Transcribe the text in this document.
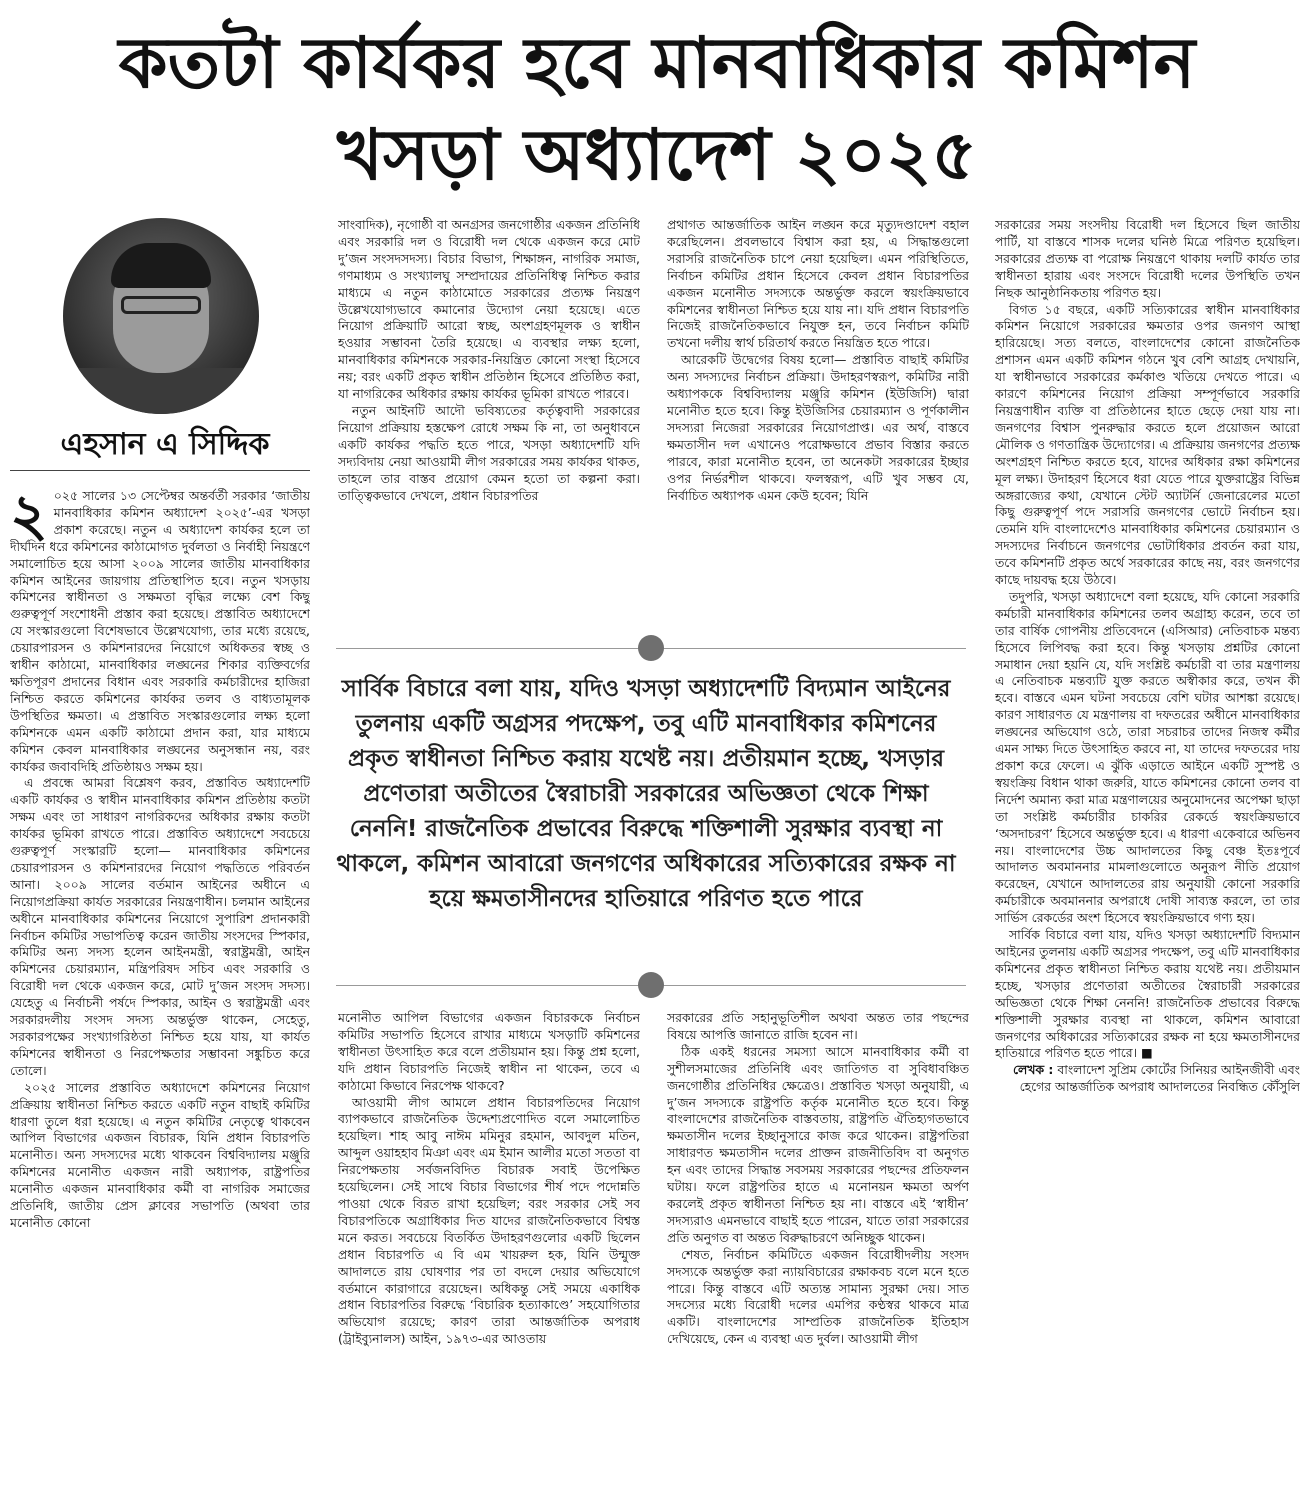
কতটা কার্যকর হবে মানবাধিকার কমিশন
খসড়া অধ্যাদেশ ২০২৫
এহসান এ সিদ্দিক

২ ০২৫ সালের ১৩ সেপ্টেম্বর অন্তর্বর্তী সরকার ‘জাতীয় মানবাধিকার কমিশন অধ্যাদেশ ২০২৫’-এর খসড়া প্রকাশ করেছে। নতুন এ অধ্যাদেশ কার্যকর হলে তা দীর্ঘদিন ধরে কমিশনের কাঠামোগত দুর্বলতা ও নির্বাহী নিয়ন্ত্রণে সমালোচিত হয়ে আসা ২০০৯ সালের জাতীয় মানবাধিকার কমিশন আইনের জায়গায় প্রতিস্থাপিত হবে। নতুন খসড়ায় কমিশনের স্বাধীনতা ও সক্ষমতা বৃদ্ধির লক্ষ্যে বেশ কিছু গুরুত্বপূর্ণ সংশোধনী প্রস্তাব করা হয়েছে। প্রস্তাবিত অধ্যাদেশে যে সংস্কারগুলো বিশেষভাবে উল্লেখযোগ্য, তার মধ্যে রয়েছে, চেয়ারপারসন ও কমিশনারদের নিয়োগে অধিকতর স্বচ্ছ ও স্বাধীন কাঠামো, মানবাধিকার লঙ্ঘনের শিকার ব্যক্তিবর্গের ক্ষতিপূরণ প্রদানের বিধান এবং সরকারি কর্মচারীদের হাজিরা নিশ্চিত করতে কমিশনের কার্যকর তলব ও বাধ্যতামূলক উপস্থিতির ক্ষমতা। এ প্রস্তাবিত সংস্কারগুলোর লক্ষ্য হলো কমিশনকে এমন একটি কাঠামো প্রদান করা, যার মাধ্যমে কমিশন কেবল মানবাধিকার লঙ্ঘনের অনুসন্ধান নয়, বরং কার্যকর জবাবদিহি প্রতিষ্ঠায়ও সক্ষম হয়।

এ প্রবন্ধে আমরা বিশ্লেষণ করব, প্রস্তাবিত অধ্যাদেশটি একটি কার্যকর ও স্বাধীন মানবাধিকার কমিশন প্রতিষ্ঠায় কতটা সক্ষম এবং তা সাধারণ নাগরিকদের অধিকার রক্ষায় কতটা কার্যকর ভূমিকা রাখতে পারে। প্রস্তাবিত অধ্যাদেশে সবচেয়ে গুরুত্বপূর্ণ সংস্কারটি হলো— মানবাধিকার কমিশনের চেয়ারপারসন ও কমিশনারদের নিয়োগ পদ্ধতিতে পরিবর্তন আনা। ২০০৯ সালের বর্তমান আইনের অধীনে এ নিয়োগপ্রক্রিয়া কার্যত সরকারের নিয়ন্ত্রণাধীন। চলমান আইনের অধীনে মানবাধিকার কমিশনের নিয়োগে সুপারিশ প্রদানকারী নির্বাচন কমিটির সভাপতিত্ব করেন জাতীয় সংসদের স্পিকার, কমিটির অন্য সদস্য হলেন আইনমন্ত্রী, স্বরাষ্ট্রমন্ত্রী, আইন কমিশনের চেয়ারম্যান, মন্ত্রিপরিষদ সচিব এবং সরকারি ও বিরোধী দল থেকে একজন করে, মোট দু’জন সংসদ সদস্য। যেহেতু এ নির্বাচনী পর্ষদে স্পিকার, আইন ও স্বরাষ্ট্রমন্ত্রী এবং সরকারদলীয় সংসদ সদস্য অন্তর্ভুক্ত থাকেন, সেহেতু, সরকারপক্ষের সংখ্যাগরিষ্ঠতা নিশ্চিত হয়ে যায়, যা কার্যত কমিশনের স্বাধীনতা ও নিরপেক্ষতার সম্ভাবনা সঙ্কুচিত করে তোলে।

২০২৫ সালের প্রস্তাবিত অধ্যাদেশে কমিশনের নিয়োগ প্রক্রিয়ায় স্বাধীনতা নিশ্চিত করতে একটি নতুন বাছাই কমিটির ধারণা তুলে ধরা হয়েছে। এ নতুন কমিটির নেতৃত্বে থাকবেন আপিল বিভাগের একজন বিচারক, যিনি প্রধান বিচারপতি মনোনীত। অন্য সদস্যদের মধ্যে থাকবেন বিশ্ববিদ্যালয় মঞ্জুরি কমিশনের মনোনীত একজন নারী অধ্যাপক, রাষ্ট্রপতির মনোনীত একজন মানবাধিকার কর্মী বা নাগরিক সমাজের প্রতিনিধি, জাতীয় প্রেস ক্লাবের সভাপতি (অথবা তার মনোনীত কোনো

সাংবাদিক), নৃগোষ্ঠী বা অনগ্রসর জনগোষ্ঠীর একজন প্রতিনিধি এবং সরকারি দল ও বিরোধী দল থেকে একজন করে মোট দু’জন সংসদসদস্য। বিচার বিভাগ, শিক্ষাঙ্গন, নাগরিক সমাজ, গণমাধ্যম ও সংখ্যালঘু সম্প্রদায়ের প্রতিনিধিত্ব নিশ্চিত করার মাধ্যমে এ নতুন কাঠামোতে সরকারের প্রত্যক্ষ নিয়ন্ত্রণ উল্লেখযোগ্যভাবে কমানোর উদ্যোগ নেয়া হয়েছে। এতে নিয়োগ প্রক্রিয়াটি আরো স্বচ্ছ, অংশগ্রহণমূলক ও স্বাধীন হওয়ার সম্ভাবনা তৈরি হয়েছে। এ ব্যবস্থার লক্ষ্য হলো, মানবাধিকার কমিশনকে সরকার-নিয়ন্ত্রিত কোনো সংস্থা হিসেবে নয়; বরং একটি প্রকৃত স্বাধীন প্রতিষ্ঠান হিসেবে প্রতিষ্ঠিত করা, যা নাগরিকের অধিকার রক্ষায় কার্যকর ভূমিকা রাখতে পারবে।

নতুন আইনটি আদৌ ভবিষ্যতের কর্তৃত্ববাদী সরকারের নিয়োগ প্রক্রিয়ায় হস্তক্ষেপ রোধে সক্ষম কি না, তা অনুধাবনে একটি কার্যকর পদ্ধতি হতে পারে, খসড়া অধ্যাদেশটি যদি সদ্যবিদায় নেয়া আওয়ামী লীগ সরকারের সময় কার্যকর থাকত, তাহলে তার বাস্তব প্রয়োগ কেমন হতো তা কল্পনা করা। তাত্ত্বিকভাবে দেখলে, প্রধান বিচারপতির

প্রথাগত আন্তর্জাতিক আইন লঙ্ঘন করে মৃত্যুদণ্ডাদেশ বহাল করেছিলেন। প্রবলভাবে বিশ্বাস করা হয়, এ সিদ্ধান্তগুলো সরাসরি রাজনৈতিক চাপে নেয়া হয়েছিল। এমন পরিস্থিতিতে, নির্বাচন কমিটির প্রধান হিসেবে কেবল প্রধান বিচারপতির একজন মনোনীত সদস্যকে অন্তর্ভুক্ত করলে স্বয়ংক্রিয়ভাবে কমিশনের স্বাধীনতা নিশ্চিত হয়ে যায় না। যদি প্রধান বিচারপতি নিজেই রাজনৈতিকভাবে নিযুক্ত হন, তবে নির্বাচন কমিটি তখনো দলীয় স্বার্থ চরিতার্থ করতে নিয়ন্ত্রিত হতে পারে।

আরেকটি উদ্বেগের বিষয় হলো— প্রস্তাবিত বাছাই কমিটির অন্য সদস্যদের নির্বাচন প্রক্রিয়া। উদাহরণস্বরূপ, কমিটির নারী অধ্যাপককে বিশ্ববিদ্যালয় মঞ্জুরি কমিশন (ইউজিসি) দ্বারা মনোনীত হতে হবে। কিন্তু ইউজিসির চেয়ারম্যান ও পূর্ণকালীন সদস্যরা নিজেরা সরকারের নিয়োগপ্রাপ্ত। এর অর্থ, বাস্তবে ক্ষমতাসীন দল এখানেও পরোক্ষভাবে প্রভাব বিস্তার করতে পারবে, কারা মনোনীত হবেন, তা অনেকটা সরকারের ইচ্ছার ওপর নির্ভরশীল থাকবে। ফলস্বরূপ, এটি খুব সম্ভব যে, নির্বাচিত অধ্যাপক এমন কেউ হবেন; যিনি

সার্বিক বিচারে বলা যায়, যদিও খসড়া অধ্যাদেশটি বিদ্যমান আইনের তুলনায় একটি অগ্রসর পদক্ষেপ, তবু এটি মানবাধিকার কমিশনের প্রকৃত স্বাধীনতা নিশ্চিত করায় যথেষ্ট নয়। প্রতীয়মান হচ্ছে, খসড়ার প্রণেতারা অতীতের স্বৈরাচারী সরকারের অভিজ্ঞতা থেকে শিক্ষা নেননি! রাজনৈতিক প্রভাবের বিরুদ্ধে শক্তিশালী সুরক্ষার ব্যবস্থা না থাকলে, কমিশন আবারো জনগণের অধিকারের সত্যিকারের রক্ষক না হয়ে ক্ষমতাসীনদের হাতিয়ারে পরিণত হতে পারে

মনোনীত আপিল বিভাগের একজন বিচারককে নির্বাচন কমিটির সভাপতি হিসেবে রাখার মাধ্যমে খসড়াটি কমিশনের স্বাধীনতা উৎসাহিত করে বলে প্রতীয়মান হয়। কিন্তু প্রশ্ন হলো, যদি প্রধান বিচারপতি নিজেই স্বাধীন না থাকেন, তবে এ কাঠামো কিভাবে নিরপেক্ষ থাকবে?

আওয়ামী লীগ আমলে প্রধান বিচারপতিদের নিয়োগ ব্যাপকভাবে রাজনৈতিক উদ্দেশ্যপ্রণোদিত বলে সমালোচিত হয়েছিল। শাহ আবু নাঈম মমিনুর রহমান, আবদুল মতিন, আব্দুল ওয়াহহাব মিঞা এবং এম ইমান আলীর মতো সততা বা নিরপেক্ষতায় সর্বজনবিদিত বিচারক সবাই উপেক্ষিত হয়েছিলেন। সেই সাথে বিচার বিভাগের শীর্ষ পদে পদোন্নতি পাওয়া থেকে বিরত রাখা হয়েছিল; বরং সরকার সেই সব বিচারপতিকে অগ্রাধিকার দিত যাদের রাজনৈতিকভাবে বিশ্বস্ত মনে করত। সবচেয়ে বিতর্কিত উদাহরণগুলোর একটি ছিলেন প্রধান বিচারপতি এ বি এম খায়রুল হক, যিনি উন্মুক্ত আদালতে রায় ঘোষণার পর তা বদলে দেয়ার অভিযোগে বর্তমানে কারাগারে রয়েছেন। অধিকন্তু সেই সময়ে একাধিক প্রধান বিচারপতির বিরুদ্ধে ‘বিচারিক হত্যাকাণ্ডে’ সহযোগিতার অভিযোগ রয়েছে; কারণ তারা আন্তর্জাতিক অপরাধ (ট্রাইব্যুনালস) আইন, ১৯৭৩-এর আওতায়

সরকারের প্রতি সহানুভূতিশীল অথবা অন্তত তার পছন্দের বিষয়ে আপত্তি জানাতে রাজি হবেন না।

ঠিক একই ধরনের সমস্যা আসে মানবাধিকার কর্মী বা সুশীলসমাজের প্রতিনিধি এবং জাতিগত বা সুবিধাবঞ্চিত জনগোষ্ঠীর প্রতিনিধির ক্ষেত্রেও। প্রস্তাবিত খসড়া অনুযায়ী, এ দু’জন সদস্যকে রাষ্ট্রপতি কর্তৃক মনোনীত হতে হবে। কিন্তু বাংলাদেশের রাজনৈতিক বাস্তবতায়, রাষ্ট্রপতি ঐতিহ্যগতভাবে ক্ষমতাসীন দলের ইচ্ছানুসারে কাজ করে থাকেন। রাষ্ট্রপতিরা সাধারণত ক্ষমতাসীন দলের প্রাক্তন রাজনীতিবিদ বা অনুগত হন এবং তাদের সিদ্ধান্ত সবসময় সরকারের পছন্দের প্রতিফলন ঘটায়। ফলে রাষ্ট্রপতির হাতে এ মনোনয়ন ক্ষমতা অর্পণ করলেই প্রকৃত স্বাধীনতা নিশ্চিত হয় না। বাস্তবে এই ‘স্বাধীন’ সদস্যরাও এমনভাবে বাছাই হতে পারেন, যাতে তারা সরকারের প্রতি অনুগত বা অন্তত বিরুদ্ধাচরণে অনিচ্ছুক থাকেন।

শেষত, নির্বাচন কমিটিতে একজন বিরোধীদলীয় সংসদ সদস্যকে অন্তর্ভুক্ত করা ন্যায়বিচারের রক্ষাকবচ বলে মনে হতে পারে। কিন্তু বাস্তবে এটি অত্যন্ত সামান্য সুরক্ষা দেয়। সাত সদস্যের মধ্যে বিরোধী দলের এমপির কণ্ঠস্বর থাকবে মাত্র একটি। বাংলাদেশের সাম্প্রতিক রাজনৈতিক ইতিহাস দেখিয়েছে, কেন এ ব্যবস্থা এত দুর্বল। আওয়ামী লীগ

সরকারের সময় সংসদীয় বিরোধী দল হিসেবে ছিল জাতীয় পার্টি, যা বাস্তবে শাসক দলের ঘনিষ্ঠ মিত্রে পরিণত হয়েছিল। সরকারের প্রত্যক্ষ বা পরোক্ষ নিয়ন্ত্রণে থাকায় দলটি কার্যত তার স্বাধীনতা হারায় এবং সংসদে বিরোধী দলের উপস্থিতি তখন নিছক আনুষ্ঠানিকতায় পরিণত হয়।

বিগত ১৫ বছরে, একটি সত্যিকারের স্বাধীন মানবাধিকার কমিশন নিয়োগে সরকারের ক্ষমতার ওপর জনগণ আস্থা হারিয়েছে। সত্য বলতে, বাংলাদেশের কোনো রাজনৈতিক প্রশাসন এমন একটি কমিশন গঠনে খুব বেশি আগ্রহ দেখায়নি, যা স্বাধীনভাবে সরকারের কর্মকাণ্ড খতিয়ে দেখতে পারে। এ কারণে কমিশনের নিয়োগ প্রক্রিয়া সম্পূর্ণভাবে সরকারি নিয়ন্ত্রণাধীন ব্যক্তি বা প্রতিষ্ঠানের হাতে ছেড়ে দেয়া যায় না। জনগণের বিশ্বাস পুনরুদ্ধার করতে হলে প্রয়োজন আরো মৌলিক ও গণতান্ত্রিক উদ্যোগের। এ প্রক্রিয়ায় জনগণের প্রত্যক্ষ অংশগ্রহণ নিশ্চিত করতে হবে, যাদের অধিকার রক্ষা কমিশনের মূল লক্ষ্য। উদাহরণ হিসেবে ধরা যেতে পারে যুক্তরাষ্ট্রের বিভিন্ন অঙ্গরাজ্যের কথা, যেখানে স্টেট অ্যাটর্নি জেনারেলের মতো কিছু গুরুত্বপূর্ণ পদে সরাসরি জনগণের ভোটে নির্বাচন হয়। তেমনি যদি বাংলাদেশেও মানবাধিকার কমিশনের চেয়ারম্যান ও সদস্যদের নির্বাচনে জনগণের ভোটাধিকার প্রবর্তন করা যায়, তবে কমিশনটি প্রকৃত অর্থে সরকারের কাছে নয়, বরং জনগণের কাছে দায়বদ্ধ হয়ে উঠবে।

তদুপরি, খসড়া অধ্যাদেশে বলা হয়েছে, যদি কোনো সরকারি কর্মচারী মানবাধিকার কমিশনের তলব অগ্রাহ্য করেন, তবে তা তার বার্ষিক গোপনীয় প্রতিবেদনে (এসিআর) নেতিবাচক মন্তব্য হিসেবে লিপিবদ্ধ করা হবে। কিন্তু খসড়ায় প্রশ্নটির কোনো সমাধান দেয়া হয়নি যে, যদি সংশ্লিষ্ট কর্মচারী বা তার মন্ত্রণালয় এ নেতিবাচক মন্তব্যটি যুক্ত করতে অস্বীকার করে, তখন কী হবে। বাস্তবে এমন ঘটনা সবচেয়ে বেশি ঘটার আশঙ্কা রয়েছে। কারণ সাধারণত যে মন্ত্রণালয় বা দফতরের অধীনে মানবাধিকার লঙ্ঘনের অভিযোগ ওঠে, তারা সচরাচর তাদের নিজস্ব কর্মীর এমন সাক্ষ্য দিতে উৎসাহিত করবে না, যা তাদের দফতরের দায় প্রকাশ করে ফেলে। এ ঝুঁকি এড়াতে আইনে একটি সুস্পষ্ট ও স্বয়ংক্রিয় বিধান থাকা জরুরি, যাতে কমিশনের কোনো তলব বা নির্দেশ অমান্য করা মাত্র মন্ত্রণালয়ের অনুমোদনের অপেক্ষা ছাড়া তা সংশ্লিষ্ট কর্মচারীর চাকরির রেকর্ডে স্বয়ংক্রিয়ভাবে ‘অসদাচরণ’ হিসেবে অন্তর্ভুক্ত হবে। এ ধারণা একেবারে অভিনব নয়। বাংলাদেশের উচ্চ আদালতের কিছু বেঞ্চ ইতঃপূর্বে আদালত অবমাননার মামলাগুলোতে অনুরূপ নীতি প্রয়োগ করেছেন, যেখানে আদালতের রায় অনুযায়ী কোনো সরকারি কর্মচারীকে অবমাননার অপরাধে দোষী সাব্যস্ত করলে, তা তার সার্ভিস রেকর্ডের অংশ হিসেবে স্বয়ংক্রিয়ভাবে গণ্য হয়।

সার্বিক বিচারে বলা যায়, যদিও খসড়া অধ্যাদেশটি বিদ্যমান আইনের তুলনায় একটি অগ্রসর পদক্ষেপ, তবু এটি মানবাধিকার কমিশনের প্রকৃত স্বাধীনতা নিশ্চিত করায় যথেষ্ট নয়। প্রতীয়মান হচ্ছে, খসড়ার প্রণেতারা অতীতের স্বৈরাচারী সরকারের অভিজ্ঞতা থেকে শিক্ষা নেননি! রাজনৈতিক প্রভাবের বিরুদ্ধে শক্তিশালী সুরক্ষার ব্যবস্থা না থাকলে, কমিশন আবারো জনগণের অধিকারের সত্যিকারের রক্ষক না হয়ে ক্ষমতাসীনদের হাতিয়ারে পরিণত হতে পারে। ■

লেখক : বাংলাদেশ সুপ্রিম কোর্টের সিনিয়র আইনজীবী এবং হেগের আন্তর্জাতিক অপরাধ আদালতের নিবন্ধিত কৌঁসুলি
